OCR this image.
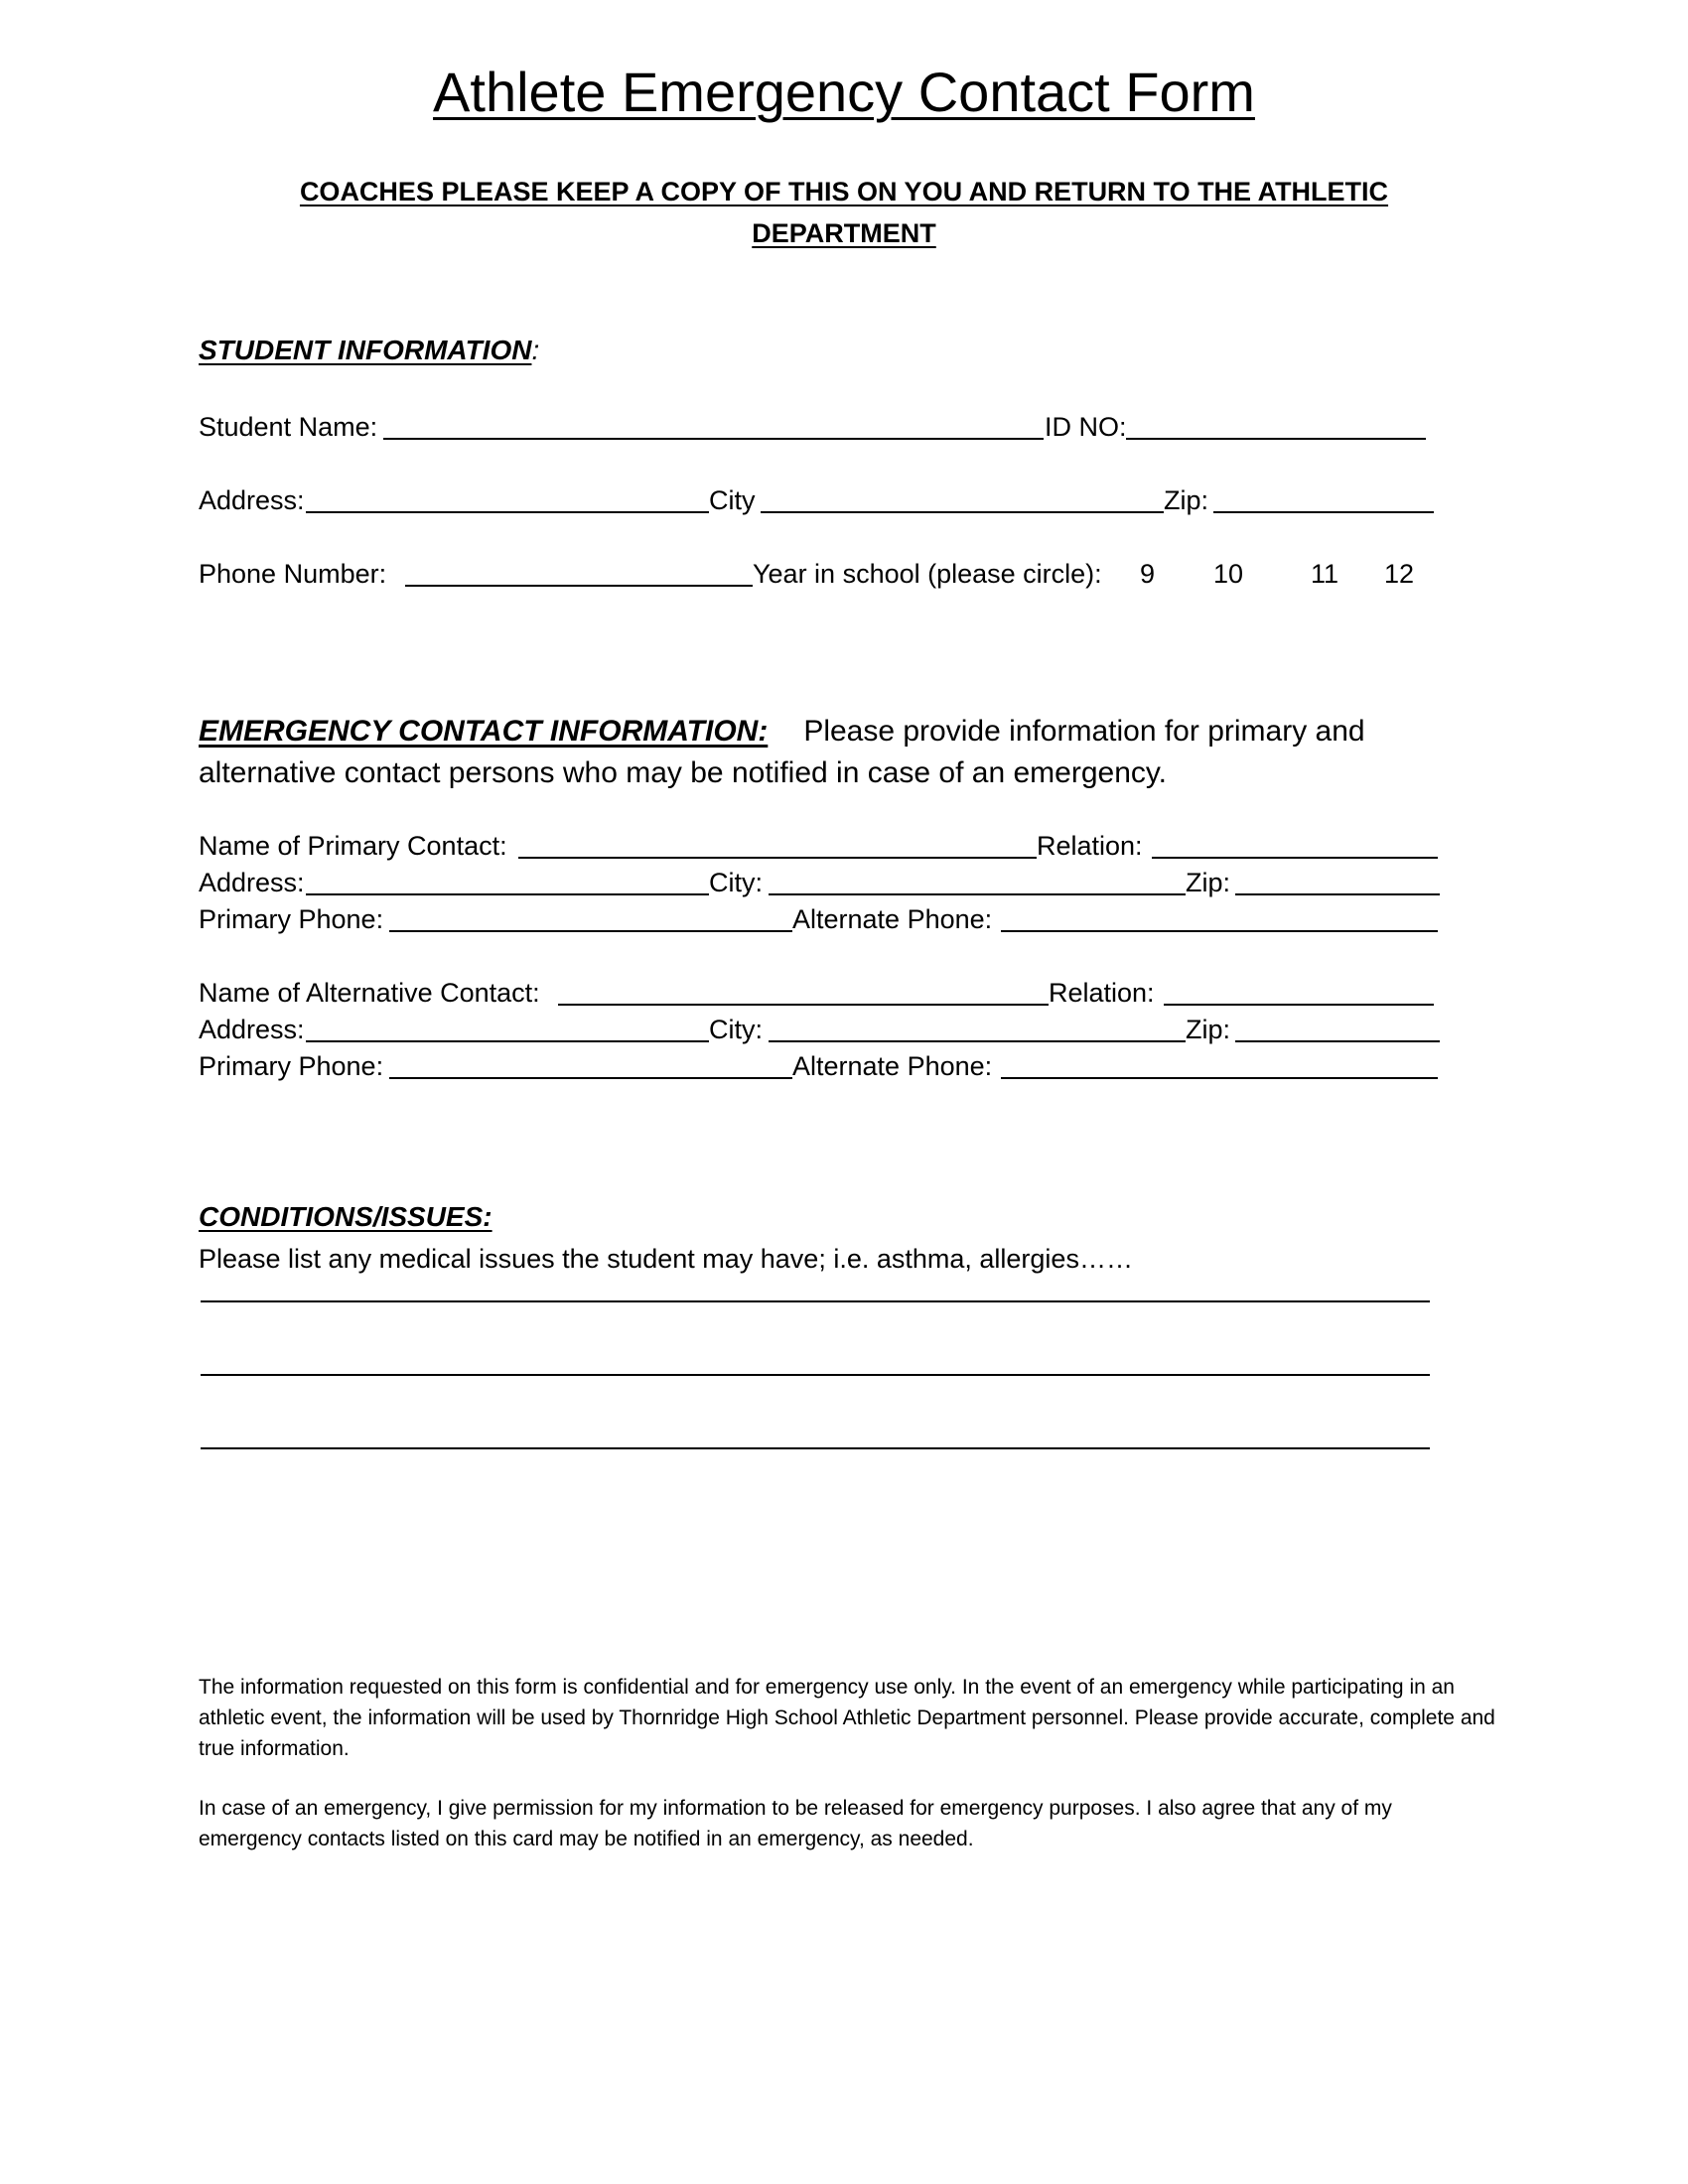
Athlete Emergency Contact Form
COACHES PLEASE KEEP A COPY OF THIS ON YOU AND RETURN TO THE ATHLETIC DEPARTMENT
STUDENT INFORMATION:
Student Name:	ID NO:
Address:	City	Zip:
Phone Number:	Year in school (please circle): 9 10	11 12
EMERGENCY CONTACT INFORMATION: Please provide information for primary and alternative contact persons who may be notified in case of an emergency.
Name of Primary Contact:	Relation:
Address:	City:	Zip:
Primary Phone:	Alternate Phone:
Name of Alternative Contact:	Relation:
Address:	City:	Zip:
Primary Phone:	Alternate Phone:
CONDITIONS/ISSUES:
Please list any medical issues the student may have; i.e. asthma, allergies……
The information requested on this form is confidential and for emergency use only. In the event of an emergency while participating in an athletic event, the information will be used by Thornridge High School Athletic Department personnel. Please provide accurate, complete and true information.
In case of an emergency, I give permission for my information to be released for emergency purposes. I also agree that any of my emergency contacts listed on this card may be notified in an emergency, as needed.
